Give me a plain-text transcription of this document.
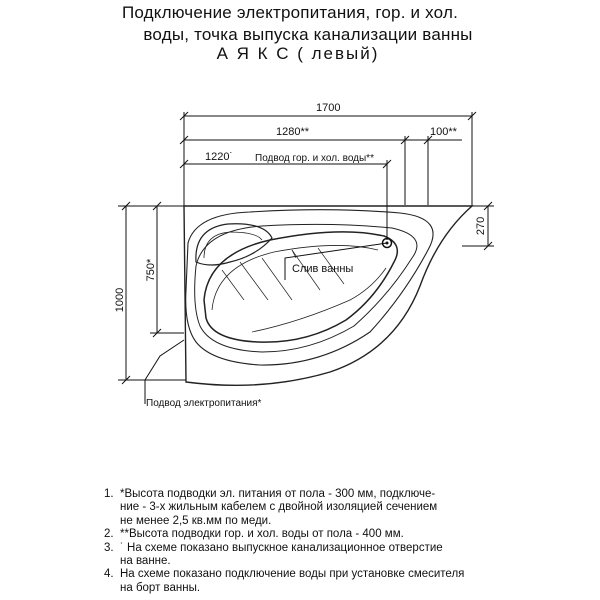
Подключение электропитания, гор. и хол.
воды, точка выпуска канализации ванны
А Я К С ( левый)
1700
1280**	100**
1220˙ Подвод гор. и хол. воды**
Слив ванны
Подвод электропитания*
1000
750*
270
1. *Высота подводки эл. питания от пола - 300 мм, подключе-
ние - 3-х жильным кабелем с двойной изоляцией сечением
не менее 2,5 кв.мм по меди.
2. **Высота подводки гор. и хол. воды от пола - 400 мм.
3. ˙ На схеме показано выпускное канализационное отверстие
на ванне.
4. На схеме показано подключение воды при установке смесителя
на борт ванны.
